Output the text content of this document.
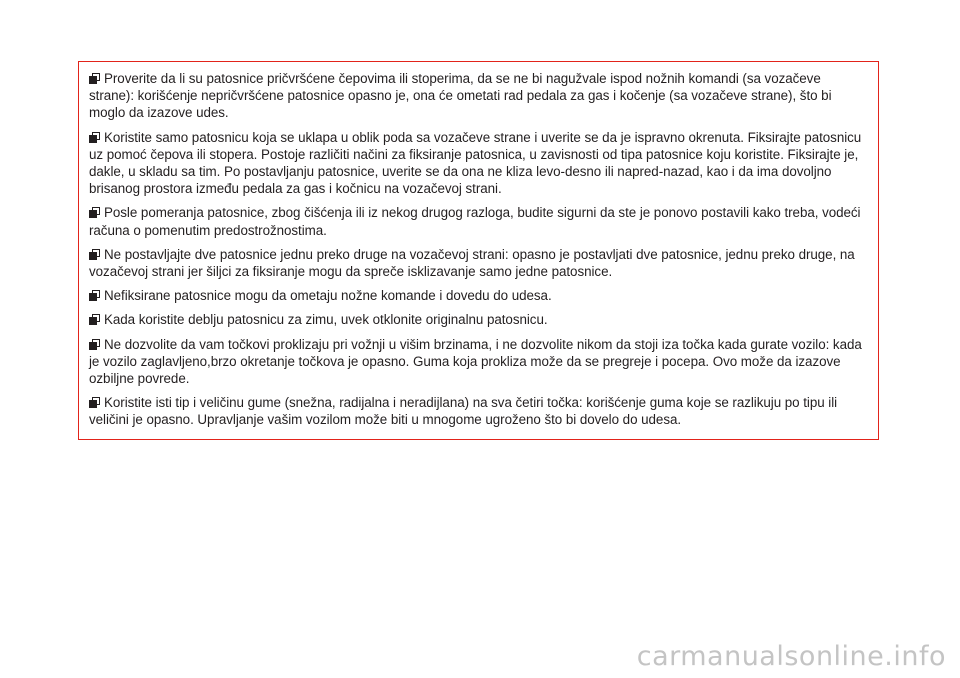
Proverite da li su patosnice pričvršćene čepovima ili stoperima, da se ne bi nagužvale ispod nožnih komandi (sa vozačeve strane): korišćenje nepričvršćene patosnice opasno je, ona će ometati rad pedala za gas i kočenje (sa vozačeve strane), što bi moglo da izazove udes.

Koristite samo patosnicu koja se uklapa u oblik poda sa vozačeve strane i uverite se da je ispravno okrenuta. Fiksirajte patosnicu uz pomoć čepova ili stopera. Postoje različiti načini za fiksiranje patosnica, u zavisnosti od tipa patosnice koju koristite. Fiksirajte je, dakle, u skladu sa tim. Po postavljanju patosnice, uverite se da ona ne kliza levo-desno ili napred-nazad, kao i da ima dovoljno brisanog prostora između pedala za gas i kočnicu na vozačevoj strani.

Posle pomeranja patosnice, zbog čišćenja ili iz nekog drugog razloga, budite sigurni da ste je ponovo postavili kako treba, vodeći računa o pomenutim predostrožnostima.

Ne postavljajte dve patosnice jednu preko druge na vozačevoj strani: opasno je postavljati dve patosnice, jednu preko druge, na vozačevoj strani jer šiljci za fiksiranje mogu da spreče isklizavanje samo jedne patosnice.

Nefiksirane patosnice mogu da ometaju nožne komande i dovedu do udesa.

Kada koristite deblju patosnicu za zimu, uvek otklonite originalnu patosnicu.

Ne dozvolite da vam točkovi proklizaju pri vožnji u višim brzinama, i ne dozvolite nikom da stoji iza točka kada gurate vozilo: kada je vozilo zaglavljeno,brzo okretanje točkova je opasno. Guma koja prokliza može da se pregreje i pocepa. Ovo može da izazove ozbiljne povrede.

Koristite isti tip i veličinu gume (snežna, radijalna i neradijlana) na sva četiri točka: korišćenje guma koje se razlikuju po tipu ili veličini je opasno. Upravljanje vašim vozilom može biti u mnogome ugroženo što bi dovelo do udesa.

carmanualsonline.info
